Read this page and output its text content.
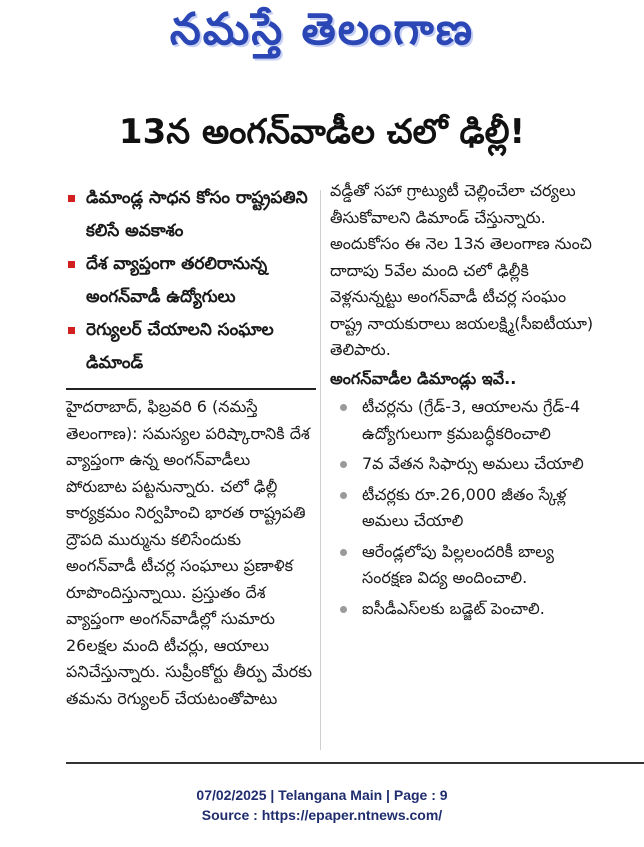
నమస్తే తెలంగాణ
13న అంగన్‌వాడీల చలో ఢిల్లీ!
డిమాండ్ల సాధన కోసం రాష్ట్రపతిని కలిసే అవకాశం
దేశ వ్యాప్తంగా తరలిరానున్న అంగన్‌వాడీ ఉద్యోగులు
రెగ్యులర్ చేయాలని సంఘాల డిమాండ్

హైదరాబాద్, ఫిబ్రవరి 6 (నమస్తే తెలంగాణ): సమస్యల పరిష్కారానికి దేశ వ్యాప్తంగా ఉన్న అంగన్‌వాడీలు పోరుబాట పట్టనున్నారు. చలో ఢిల్లీ కార్యక్రమం నిర్వహించి భారత రాష్ట్రపతి ద్రౌపది ముర్మును కలిసేందుకు అంగన్‌వాడీ టీచర్ల సంఘాలు ప్రణాళిక రూపొందిస్తున్నాయి. ప్రస్తుతం దేశ వ్యాప్తంగా అంగన్‌వాడీల్లో సుమారు 26లక్షల మంది టీచర్లు, ఆయాలు పనిచేస్తున్నారు. సుప్రీంకోర్టు తీర్పు మేరకు తమను రెగ్యులర్ చేయటంతోపాటు

వడ్డీతో సహా గ్రాట్యుటీ చెల్లించేలా చర్యలు తీసుకోవాలని డిమాండ్ చేస్తున్నారు. అందుకోసం ఈ నెల 13న తెలంగాణ నుంచి దాదాపు 5వేల మంది చలో ఢిల్లీకి వెళ్లనున్నట్టు అంగన్‌వాడీ టీచర్ల సంఘం రాష్ట్ర నాయకురాలు జయలక్ష్మి(సీఐటీయూ) తెలిపారు.

అంగన్‌వాడీల డిమాండ్లు ఇవే..
టీచర్లను (గ్రేడ్-3, ఆయాలను గ్రేడ్-4 ఉద్యోగులుగా క్రమబద్ధీకరించాలి
7వ వేతన సిఫార్సు అమలు చేయాలి
టీచర్లకు రూ.26,000 జీతం స్కేళ్ల అమలు చేయాలి
ఆరేండ్లలోపు పిల్లలందరికీ బాల్య సంరక్షణ విద్య అందించాలి.
ఐసీడీఎస్‌లకు బడ్జెట్ పెంచాలి.
07/02/2025 | Telangana Main | Page : 9
Source : https://epaper.ntnews.com/
